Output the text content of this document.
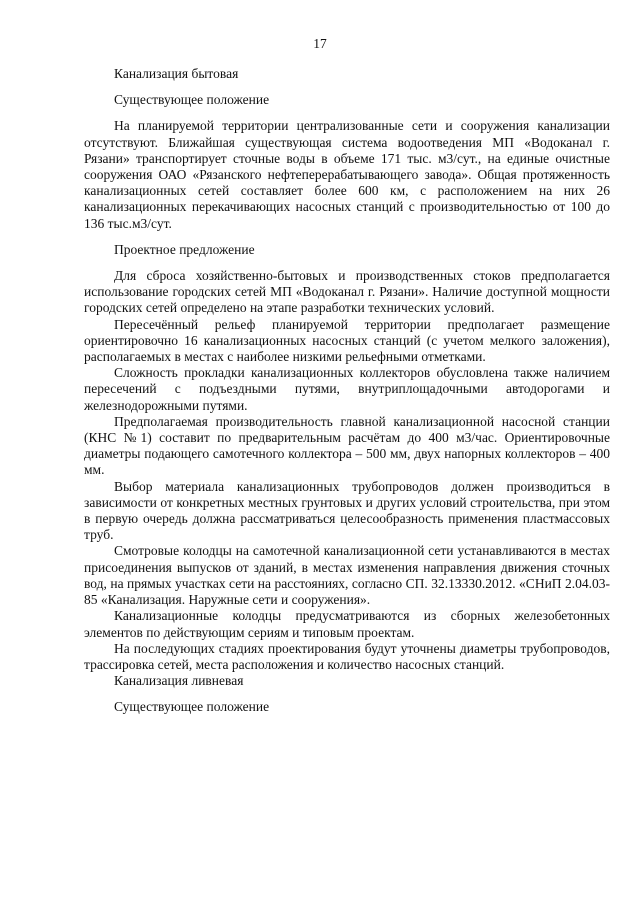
17

Канализация бытовая

Существующее положение

На планируемой территории централизованные сети и сооружения канализации отсутствуют. Ближайшая существующая система водоотведения МП «Водоканал г. Рязани» транспортирует сточные воды в объеме 171 тыс. м3/сут., на единые очистные сооружения ОАО «Рязанского нефтеперерабатывающего завода». Общая протяженность канализационных сетей составляет более 600 км, с расположением на них 26 канализационных перекачивающих насосных станций с производительностью от 100 до 136 тыс.м3/сут.

Проектное предложение

Для сброса хозяйственно-бытовых и производственных стоков предполагается использование городских сетей МП «Водоканал г. Рязани». Наличие доступной мощности городских сетей определено на этапе разработки технических условий.

Пересечённый рельеф планируемой территории предполагает размещение ориентировочно 16 канализационных насосных станций (с учетом мелкого заложения), располагаемых в местах с наиболее низкими рельефными отметками.

Сложность прокладки канализационных коллекторов обусловлена также наличием пересечений с подъездными путями, внутриплощадочными автодорогами и железнодорожными путями.

Предполагаемая производительность главной канализационной насосной станции (КНС №1) составит по предварительным расчётам до 400 м3/час. Ориентировочные диаметры подающего самотечного коллектора – 500 мм, двух напорных коллекторов – 400 мм.

Выбор материала канализационных трубопроводов должен производиться в зависимости от конкретных местных грунтовых и других условий строительства, при этом в первую очередь должна рассматриваться целесообразность применения пластмассовых труб.

Смотровые колодцы на самотечной канализационной сети устанавливаются в местах присоединения выпусков от зданий, в местах изменения направления движения сточных вод, на прямых участках сети на расстояниях, согласно СП. 32.13330.2012. «СНиП 2.04.03-85 «Канализация. Наружные сети и сооружения».

Канализационные колодцы предусматриваются из сборных железобетонных элементов по действующим сериям и типовым проектам.

На последующих стадиях проектирования будут уточнены диаметры трубопроводов, трассировка сетей, места расположения и количество насосных станций.

Канализация ливневая

Существующее положение
